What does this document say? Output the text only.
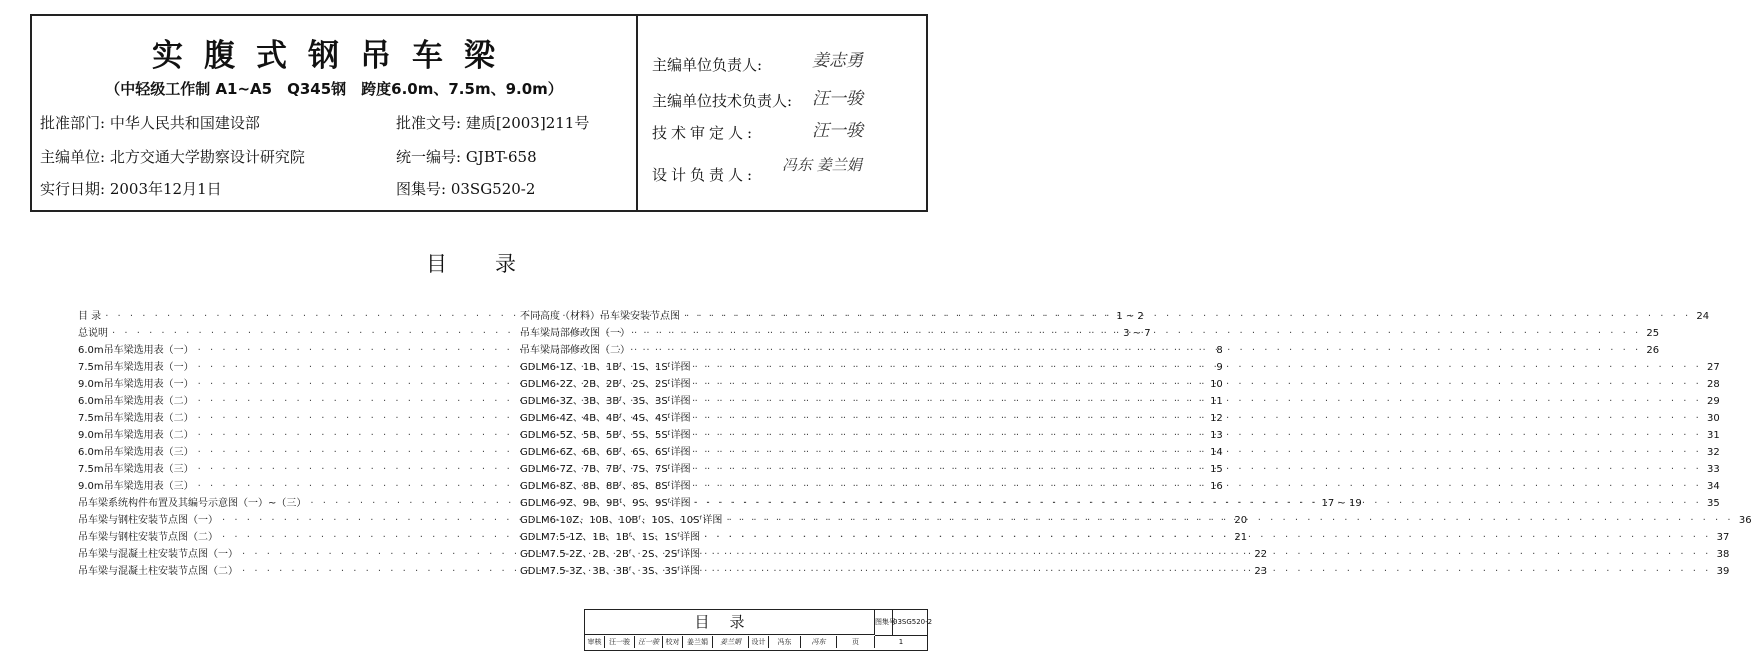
实腹式钢吊车梁
（中轻级工作制 A1~A5　Q345钢　跨度6.0m、7.5m、9.0m）
批准部门: 中华人民共和国建设部	批准文号: 建质[2003]211号
主编单位: 北方交通大学勘察设计研究院	统一编号: GJBT-658
实行日期: 2003年12月1日	图集号: 03SG520-2
主编单位负责人:	姜志勇
主编单位技术负责人: 汪一骏
技术审定人:	汪一骏
设计负责人:
冯东 姜兰娟
目录
目 录 · · ·	1 ~ 2
总说明 · · ·	3 ~ 7
6.0m吊车梁选用表（一） · · ·	8
7.5m吊车梁选用表（一） · · ·	9
9.0m吊车梁选用表（一） · · ·	10
6.0m吊车梁选用表（二） · · ·	11
7.5m吊车梁选用表（二） · · ·	12
9.0m吊车梁选用表（二） · · ·	13
6.0m吊车梁选用表（三） · · ·	14
7.5m吊车梁选用表（三） · · ·	15
9.0m吊车梁选用表（三） · · ·	16
吊车梁系统构件布置及其编号示意图（一）~（三） · · ·	17 ~ 19
吊车梁与钢柱安装节点图（一） · · ·	20
吊车梁与钢柱安装节点图（二） · · ·	21
吊车梁与混凝土柱安装节点图（一） · · ·	22
吊车梁与混凝土柱安装节点图（二） · · ·	23
不同高度（材料）吊车梁安装节点图 · · ·	24
吊车梁局部修改图（一） · · ·	25
吊车梁局部修改图（二） · · ·	26
GDLM6-1Z、1B、1Bᶠ、1S、1Sᶠ详图 · · ·	27
GDLM6-2Z、2B、2Bᶠ、2S、2Sᶠ详图 · · ·	28
GDLM6-3Z、3B、3Bᶠ、3S、3Sᶠ详图 · · ·	29
GDLM6-4Z、4B、4Bᶠ、4S、4Sᶠ详图 · · ·	30
GDLM6-5Z、5B、5Bᶠ、5S、5Sᶠ详图 · · ·	31
GDLM6-6Z、6B、6Bᶠ、6S、6Sᶠ详图 · · ·	32
GDLM6-7Z、7B、7Bᶠ、7S、7Sᶠ详图 · · ·	33
GDLM6-8Z、8B、8Bᶠ、8S、8Sᶠ详图 · · ·	34
GDLM6-9Z、9B、9Bᶠ、9S、9Sᶠ详图 · · ·	35
GDLM6-10Z、10B、10Bᶠ、10S、10Sᶠ详图 · · ·	36
GDLM7.5-1Z、1B、1Bᶠ、1S、1Sᶠ详图 · · ·	37
GDLM7.5-2Z、2B、2Bᶠ、2S、2Sᶠ详图 · · ·	38
GDLM7.5-3Z、3B、3Bᶠ、3S、3Sᶠ详图 · · ·	39
目录	图集号
03SG520-2
审核	汪一骏	汪一骏 校对	姜兰娟	姜兰娟	设计	冯东	冯东	页	1
